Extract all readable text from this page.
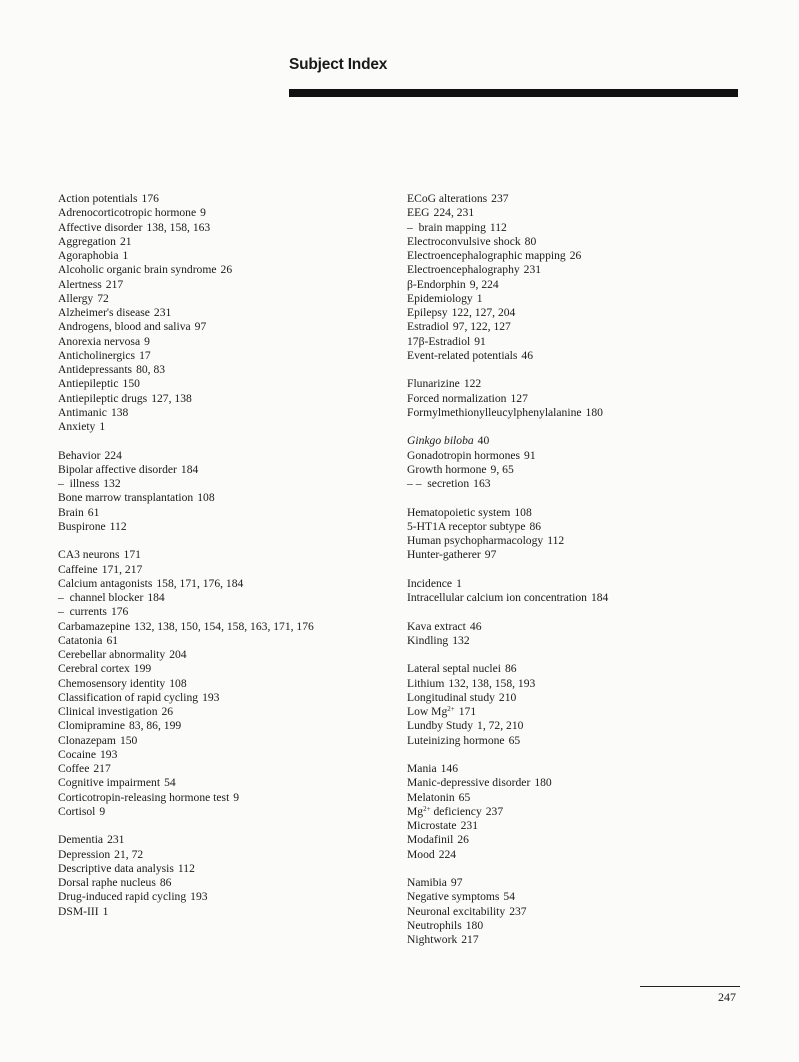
Subject Index
Action potentials 176
Adrenocorticotropic hormone 9
Affective disorder 138, 158, 163
Aggregation 21
Agoraphobia 1
Alcoholic organic brain syndrome 26
Alertness 217
Allergy 72
Alzheimer's disease 231
Androgens, blood and saliva 97
Anorexia nervosa 9
Anticholinergics 17
Antidepressants 80, 83
Antiepileptic 150
Antiepileptic drugs 127, 138
Antimanic 138
Anxiety 1
Behavior 224
Bipolar affective disorder 184
– illness 132
Bone marrow transplantation 108
Brain 61
Buspirone 112
CA3 neurons 171
Caffeine 171, 217
Calcium antagonists 158, 171, 176, 184
– channel blocker 184
– currents 176
Carbamazepine 132, 138, 150, 154, 158, 163, 171, 176
Catatonia 61
Cerebellar abnormality 204
Cerebral cortex 199
Chemosensory identity 108
Classification of rapid cycling 193
Clinical investigation 26
Clomipramine 83, 86, 199
Clonazepam 150
Cocaine 193
Coffee 217
Cognitive impairment 54
Corticotropin-releasing hormone test 9
Cortisol 9
Dementia 231
Depression 21, 72
Descriptive data analysis 112
Dorsal raphe nucleus 86
Drug-induced rapid cycling 193
DSM-III 1
ECoG alterations 237
EEG 224, 231
– brain mapping 112
Electroconvulsive shock 80
Electroencephalographic mapping 26
Electroencephalography 231
β-Endorphin 9, 224
Epidemiology 1
Epilepsy 122, 127, 204
Estradiol 97, 122, 127
17β-Estradiol 91
Event-related potentials 46
Flunarizine 122
Forced normalization 127
Formylmethionylleucylphenylalanine 180
Ginkgo biloba 40
Gonadotropin hormones 91
Growth hormone 9, 65
– – secretion 163
Hematopoietic system 108
5-HT1A receptor subtype 86
Human psychopharmacology 112
Hunter-gatherer 97
Incidence 1
Intracellular calcium ion concentration 184
Kava extract 46
Kindling 132
Lateral septal nuclei 86
Lithium 132, 138, 158, 193
Longitudinal study 210
Low $Mg^{2+}$ 171
Lundby Study 1, 72, 210
Luteinizing hormone 65
Mania 146
Manic-depressive disorder 180
Melatonin 65
$Mg^{2+}$ deficiency 237
Microstate 231
Modafinil 26
Mood 224
Namibia 97
Negative symptoms 54
Neuronal excitability 237
Neutrophils 180
Nightwork 217
247
